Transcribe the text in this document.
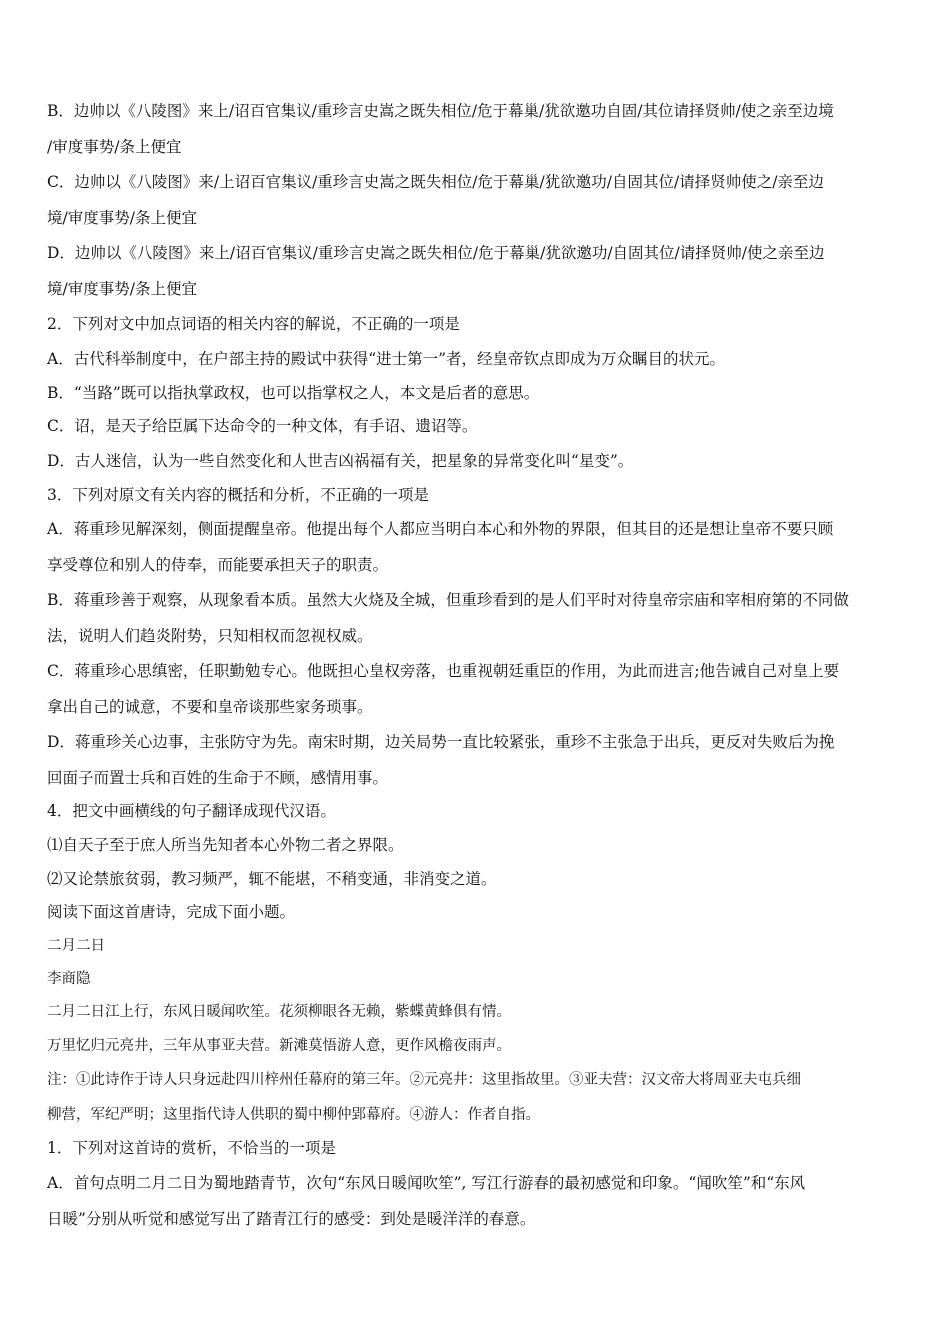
B．边帅以《八陵图》来上/诏百官集议/重珍言史嵩之既失相位/危于幕巢/犹欲邀功自固/其位请择贤帅/使之亲至边境
/审度事势/条上便宜
C．边帅以《八陵图》来/上诏百官集议/重珍言史嵩之既失相位/危于幕巢/犹欲邀功/自固其位/请择贤帅使之/亲至边
境/审度事势/条上便宜
D．边帅以《八陵图》来上/诏百官集议/重珍言史嵩之既失相位/危于幕巢/犹欲邀功/自固其位/请择贤帅/使之亲至边
境/审度事势/条上便宜
2．下列对文中加点词语的相关内容的解说，不正确的一项是
A．古代科举制度中，在户部主持的殿试中获得“进士第一”者，经皇帝钦点即成为万众瞩目的状元。
B．“当路”既可以指执掌政权，也可以指掌权之人，本文是后者的意思。
C．诏，是天子给臣属下达命令的一种文体，有手诏、遗诏等。
D．古人迷信，认为一些自然变化和人世吉凶祸福有关，把星象的异常变化叫“星变”。
3．下列对原文有关内容的概括和分析，不正确的一项是
A．蒋重珍见解深刻，侧面提醒皇帝。他提出每个人都应当明白本心和外物的界限，但其目的还是想让皇帝不要只顾
享受尊位和别人的侍奉，而能要承担天子的职责。
B．蒋重珍善于观察，从现象看本质。虽然大火烧及全城，但重珍看到的是人们平时对待皇帝宗庙和宰相府第的不同做
法，说明人们趋炎附势，只知相权而忽视权威。
C．蒋重珍心思缜密，任职勤勉专心。他既担心皇权旁落，也重视朝廷重臣的作用，为此而进言;他告诫自己对皇上要
拿出自己的诚意，不要和皇帝谈那些家务琐事。
D．蒋重珍关心边事，主张防守为先。南宋时期，边关局势一直比较紧张，重珍不主张急于出兵，更反对失败后为挽
回面子而置士兵和百姓的生命于不顾，感情用事。
4．把文中画横线的句子翻译成现代汉语。
⑴自天子至于庶人所当先知者本心外物二者之界限。
⑵又论禁旅贫弱，教习频严，辄不能堪，不稍变通，非消变之道。
阅读下面这首唐诗，完成下面小题。
二月二日
李商隐
二月二日江上行，东风日暖闻吹笙。花须柳眼各无赖，紫蝶黄蜂俱有情。
万里忆归元亮井，三年从事亚夫营。新滩莫悟游人意，更作风檐夜雨声。
注：①此诗作于诗人只身远赴四川梓州任幕府的第三年。②元亮井：这里指故里。③亚夫营：汉文帝大将周亚夫屯兵细
柳营，军纪严明；这里指代诗人供职的蜀中柳仲郢幕府。④游人：作者自指。
1．下列对这首诗的赏析，不恰当的一项是
A．首句点明二月二日为蜀地踏青节，次句“东风日暖闻吹笙”, 写江行游春的最初感觉和印象。“闻吹笙”和“东风
日暖”分别从听觉和感觉写出了踏青江行的感受：到处是暖洋洋的春意。
